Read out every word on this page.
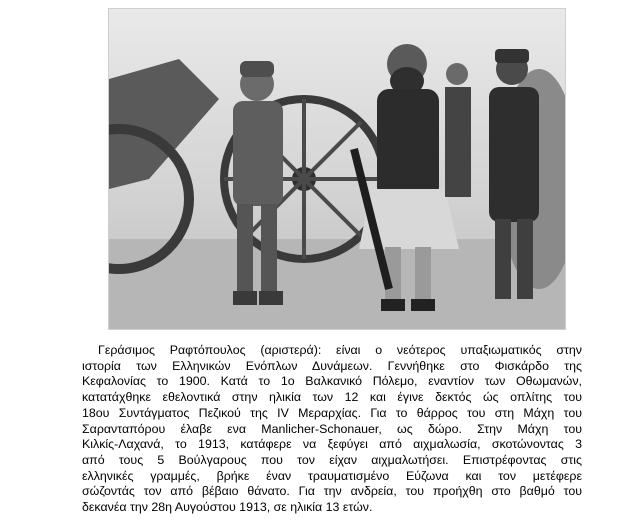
Γεράσιμος Ραφτόπουλος (αριστερά): είναι ο νεότερος υπαξιωματικός στην
ιστορία των Ελληνικών Ενόπλων Δυνάμεων. Γεννήθηκε στο Φισκάρδο της
Κεφαλονίας το 1900. Κατά το 1ο Βαλκανικό Πόλεμο, εναντίον των Οθωμανών,
κατατάχθηκε εθελοντικά στην ηλικία των 12 και έγινε δεκτός ώς οπλίτης του
18ου Συντάγματος Πεζικού της IV Μεραρχίας. Για το θάρρος του στη Μάχη του
Σαρανταπόρου έλαβε ενα Manlicher-Schonauer, ως δώρο. Στην Μάχη του
Κιλκίς-Λαχανά, το 1913, κατάφερε να ξεφύγει από αιχμαλωσία, σκοτώνοντας 3
από τους 5 Βούλγαρους που τον είχαν αιχμαλωτήσει. Επιστρέφοντας στις
ελληνικές γραμμές, βρήκε έναν τραυματισμένο Εύζωνα και τον μετέφερε
σώζοντάς τον από βέβαιο θάνατο. Για την ανδρεία, του προήχθη στο βαθμό του
δεκανέα την 28η Αυγούστου 1913, σε ηλικία 13 ετών.
